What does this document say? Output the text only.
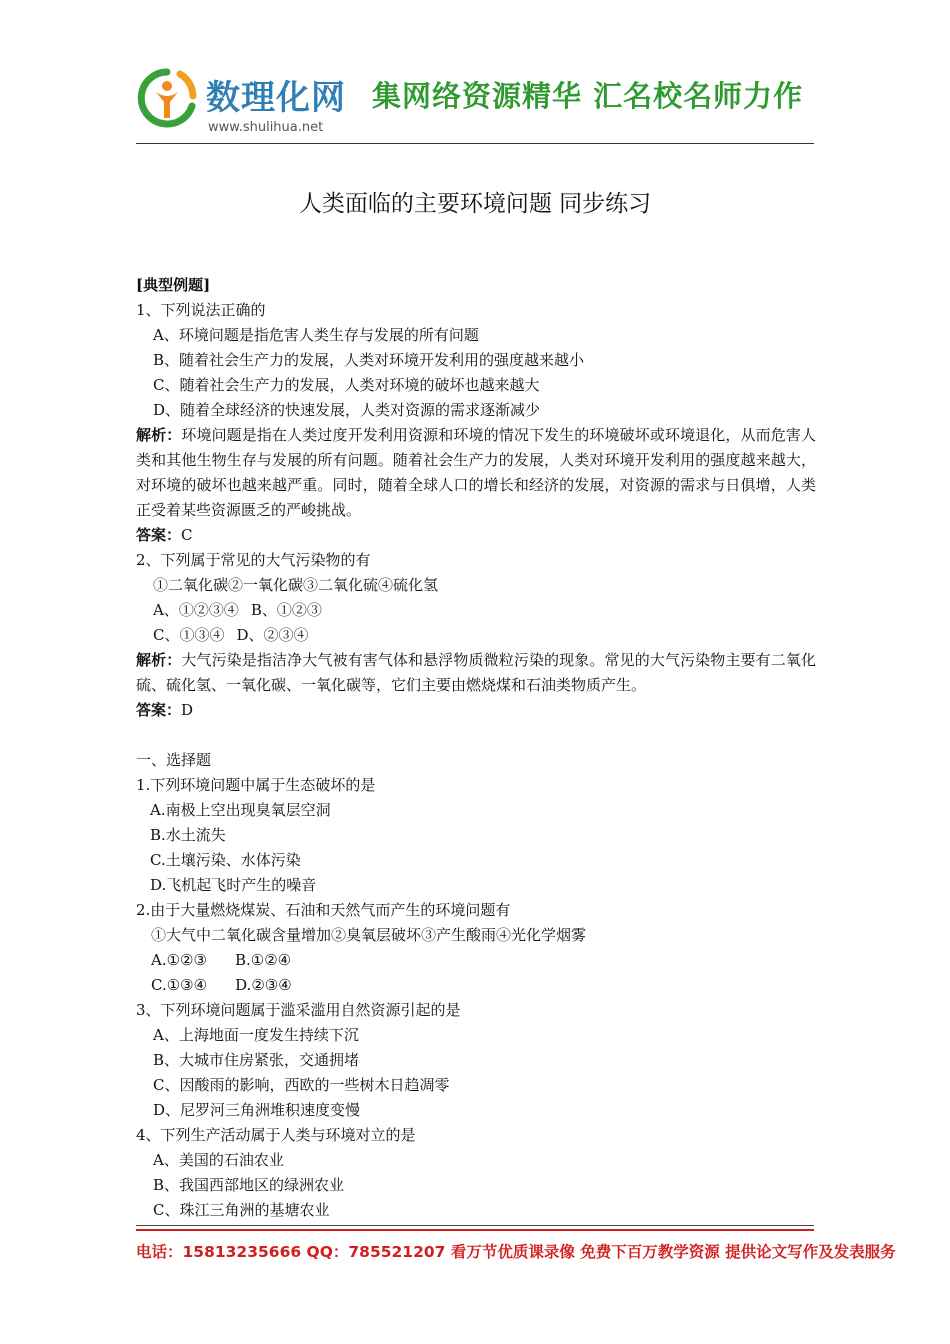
数理化网
www.shulihua.net
集网络资源精华 汇名校名师力作
人类面临的主要环境问题 同步练习
[典型例题]
1、下列说法正确的
A、环境问题是指危害人类生存与发展的所有问题
B、随着社会生产力的发展，人类对环境开发利用的强度越来越小
C、随着社会生产力的发展，人类对环境的破坏也越来越大
D、随着全球经济的快速发展，人类对资源的需求逐渐减少
解析：环境问题是指在人类过度开发利用资源和环境的情况下发生的环境破坏或环境退化，从而危害人类和其他生物生存与发展的所有问题。随着社会生产力的发展，人类对环境开发利用的强度越来越大，对环境的破坏也越来越严重。同时，随着全球人口的增长和经济的发展，对资源的需求与日俱增，人类正受着某些资源匮乏的严峻挑战。
答案：C
2、下列属于常见的大气污染物的有
①二氧化碳②一氧化碳③二氧化硫④硫化氢
A、①②③④ B、①②③
C、①③④ D、②③④
解析：大气污染是指洁净大气被有害气体和悬浮物质微粒污染的现象。常见的大气污染物主要有二氧化硫、硫化氢、一氧化碳、一氧化碳等，它们主要由燃烧煤和石油类物质产生。
答案：D
一、选择题
1.下列环境问题中属于生态破坏的是
A.南极上空出现臭氧层空洞
B.水土流失
C.土壤污染、水体污染
D.飞机起飞时产生的噪音
2.由于大量燃烧煤炭、石油和天然气而产生的环境问题有
①大气中二氧化碳含量增加②臭氧层破坏③产生酸雨④光化学烟雾
A.①②③ B.①②④
C.①③④ D.②③④
3、下列环境问题属于滥采滥用自然资源引起的是
A、上海地面一度发生持续下沉
B、大城市住房紧张，交通拥堵
C、因酸雨的影响，西欧的一些树木日趋凋零
D、尼罗河三角洲堆积速度变慢
4、下列生产活动属于人类与环境对立的是
A、美国的石油农业
B、我国西部地区的绿洲农业
C、珠江三角洲的基塘农业
电话：15813235666 QQ：785521207 看万节优质课录像 免费下百万教学资源 提供论文写作及发表服务
